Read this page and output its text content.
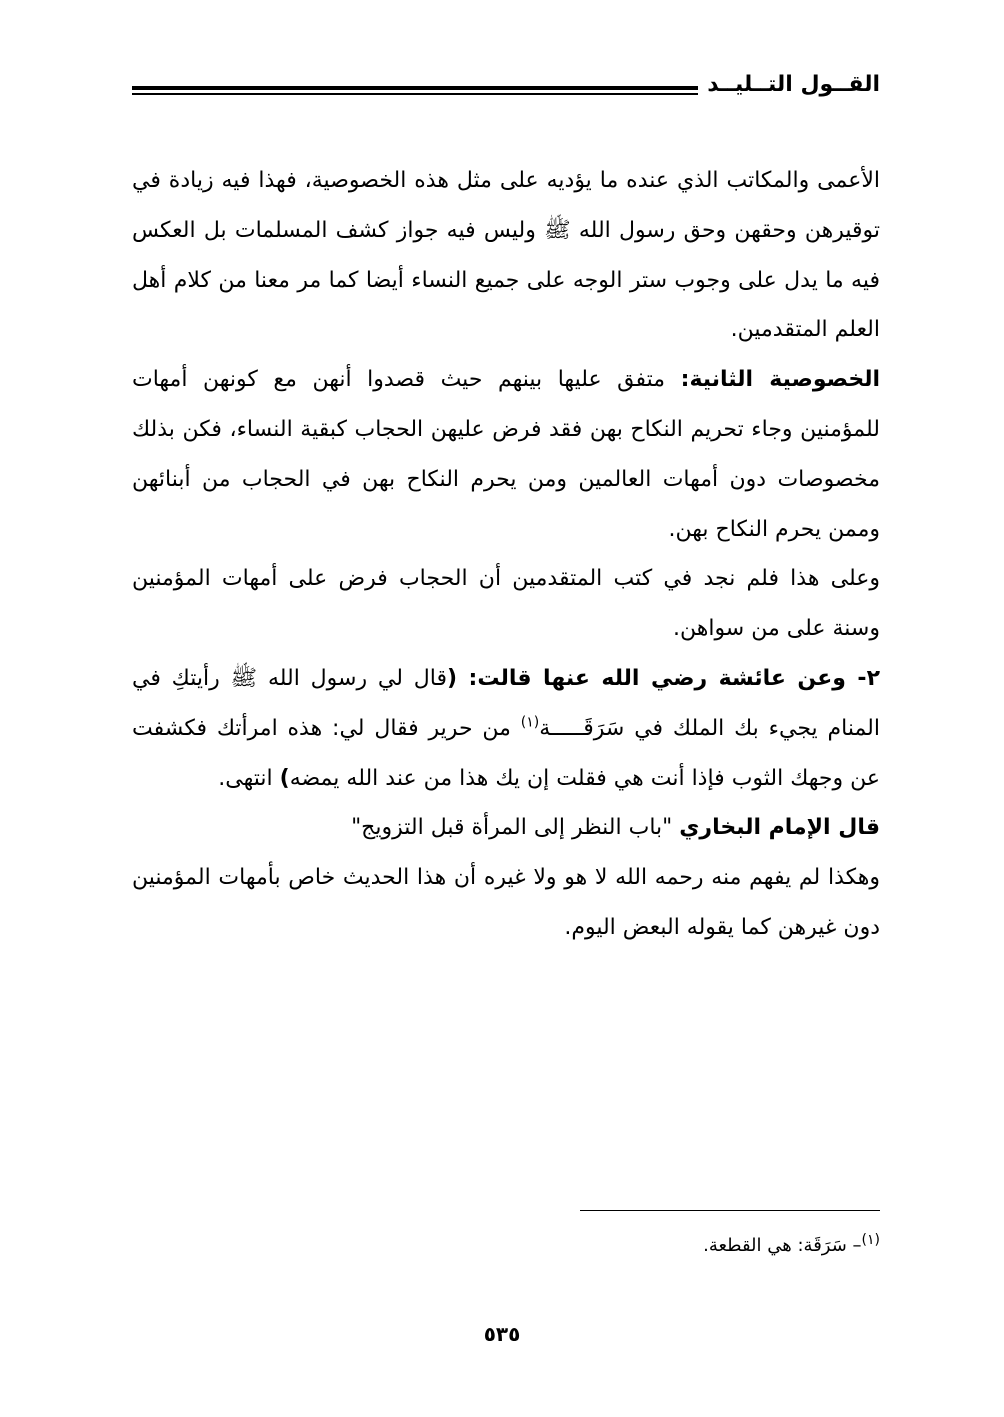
القــول التــليــد

الأعمى والمكاتب الذي عنده ما يؤديه على مثل هذه الخصوصية، فهذا فيه زيادة في توقيرهن وحقهن وحق رسول الله ﷺ وليس فيه جواز كشف المسلمات بل العكس فيه ما يدل على وجوب ستر الوجه على جميع النساء أيضا كما مر معنا من كلام أهل العلم المتقدمين.

الخصوصية الثانية: متفق عليها بينهم حيث قصدوا أنهن مع كونهن أمهات للمؤمنين وجاء تحريم النكاح بهن فقد فرض عليهن الحجاب كبقية النساء، فكن بذلك مخصوصات دون أمهات العالمين ومن يحرم النكاح بهن في الحجاب من أبنائهن وممن يحرم النكاح بهن.

وعلى هذا فلم نجد في كتب المتقدمين أن الحجاب فرض على أمهات المؤمنين وسنة على من سواهن.

٢- وعن عائشة رضي الله عنها قالت: (قال لي رسول الله ﷺ رأيتكِ في المنام يجيء بك الملك في سَرَقَـــــة$^{(١)}$ من حرير فقال لي: هذه امرأتك فكشفت عن وجهك الثوب فإذا أنت هي فقلت إن يك هذا من عند الله يمضه) انتهى.

قال الإمام البخاري "باب النظر إلى المرأة قبل التزويج"

وهكذا لم يفهم منه رحمه الله لا هو ولا غيره أن هذا الحديث خاص بأمهات المؤمنين دون غيرهن كما يقوله البعض اليوم.

$^{(١)}$– سَرَقَة: هي القطعة.
٥٣٥
